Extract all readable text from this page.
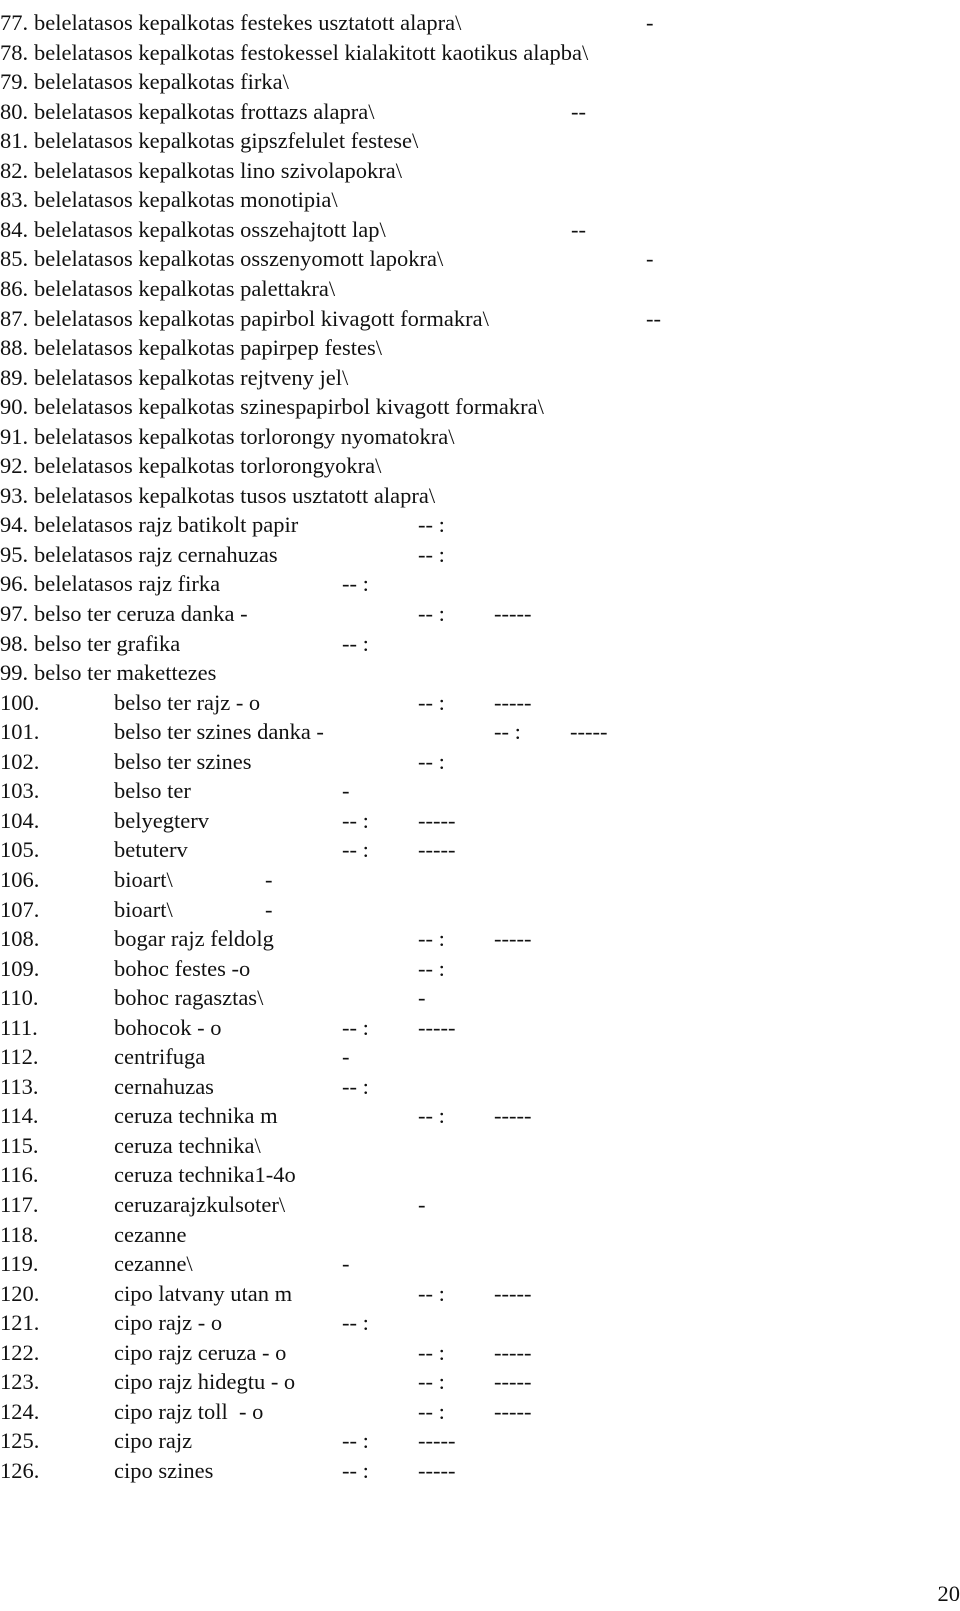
77. belelatasos kepalkotas festekes usztatott alapra\	-
78. belelatasos kepalkotas festokessel kialakitott kaotikus alapba\
79. belelatasos kepalkotas firka\
80. belelatasos kepalkotas frottazs alapra\	--
81. belelatasos kepalkotas gipszfelulet festese\
82. belelatasos kepalkotas lino szivolapokra\
83. belelatasos kepalkotas monotipia\
84. belelatasos kepalkotas osszehajtott lap\	--
85. belelatasos kepalkotas osszenyomott lapokra\	-
86. belelatasos kepalkotas palettakra\
87. belelatasos kepalkotas papirbol kivagott formakra\	--
88. belelatasos kepalkotas papirpep festes\
89. belelatasos kepalkotas rejtveny jel\
90. belelatasos kepalkotas szinespapirbol kivagott formakra\
91. belelatasos kepalkotas torlorongy nyomatokra\
92. belelatasos kepalkotas torlorongyokra\
93. belelatasos kepalkotas tusos usztatott alapra\
94. belelatasos rajz batikolt papir	-- :
95. belelatasos rajz cernahuzas	-- :
96. belelatasos rajz firka	-- :
97. belso ter ceruza danka -	-- : -----
98. belso ter grafika	-- :
99. belso ter makettezes
100.	belso ter rajz - o	-- : -----
101.	belso ter szines danka -	-- : -----
102.	belso ter szines	-- :
103.	belso ter	-
104.	belyegterv	-- : -----
105.	betuterv	-- : -----
106.	bioart\	-
107.	bioart\	-
108.	bogar rajz feldolg	-- : -----
109.	bohoc festes -o	-- :
110.	bohoc ragasztas\	-
111.	bohocok - o	-- : -----
112.	centrifuga	-
113.	cernahuzas	-- :
114.	ceruza technika m	-- : -----
115.	ceruza technika\
116.	ceruza technika1-4o
117.	ceruzarajzkulsoter\	-
118.	cezanne
119.	cezanne\	-
120.	cipo latvany utan m	-- : -----
121.	cipo rajz - o	-- :
122.	cipo rajz ceruza - o	-- : -----
123.	cipo rajz hidegtu - o	-- : -----
124.	cipo rajz toll  - o	-- : -----
125.	cipo rajz	-- : -----
126.	cipo szines	-- : -----
20
